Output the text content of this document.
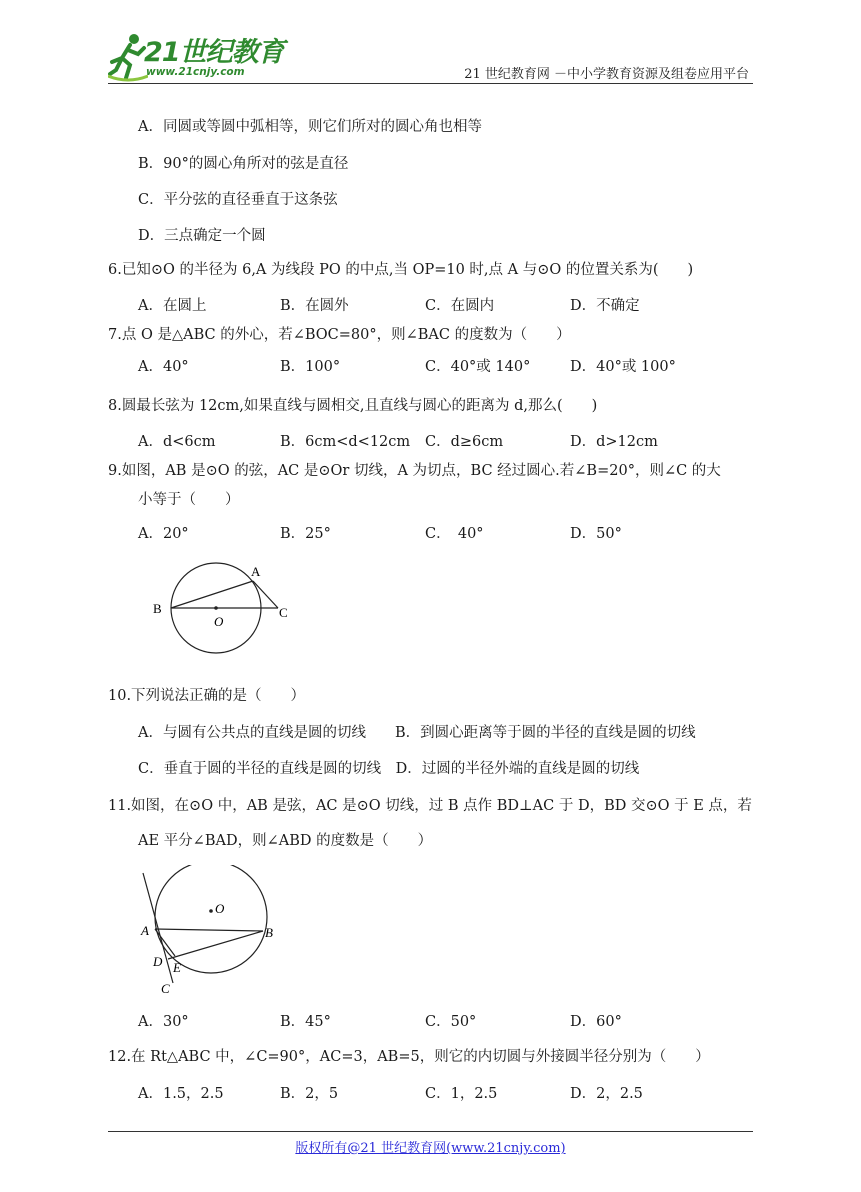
21世纪教育
www.21cnjy.com	21 世纪教育网 －中小学教育资源及组卷应用平台
A．同圆或等圆中弧相等，则它们所对的圆心角也相等
B．90°的圆心角所对的弦是直径
C．平分弦的直径垂直于这条弦
D．三点确定一个圆
6.已知⊙O 的半径为 6,A 为线段 PO 的中点,当 OP=10 时,点 A 与⊙O 的位置关系为(　　)
A．在圆上	B．在圆外	C．在圆内	D．不确定
7.点 O 是△ABC 的外心，若∠BOC=80°，则∠BAC 的度数为（　　）
A．40°	B．100°	C．40°或 140°	D．40°或 100°
8.圆最长弦为 12cm,如果直线与圆相交,且直线与圆心的距离为 d,那么(　　)
A．d<6cm	B．6cm<d<12cm C．d≥6cm	D．d>12cm
9.如图，AB 是⊙O 的弦，AC 是⊙Or 切线，A 为切点，BC 经过圆心.若∠B=20°，则∠C 的大
小等于（　　）
A．20°	B．25°	C．　40°	D．50°
A
B	C
O
10.下列说法正确的是（　　）
A．与圆有公共点的直线是圆的切线　　B．到圆心距离等于圆的半径的直线是圆的切线
C．垂直于圆的半径的直线是圆的切线　D．过圆的半径外端的直线是圆的切线
11.如图，在⊙O 中，AB 是弦，AC 是⊙O 切线，过 B 点作 BD⊥AC 于 D，BD 交⊙O 于 E 点，若
AE 平分∠BAD，则∠ABD 的度数是（　　）
O
A	B
D E
C
A．30°	B．45°	C．50°	D．60°
12.在 Rt△ABC 中，∠C=90°，AC=3，AB=5，则它的内切圆与外接圆半径分别为（　　）
A．1.5，2.5	B．2，5	C．1，2.5	D．2，2.5
版权所有@21 世纪教育网(www.21cnjy.com)
